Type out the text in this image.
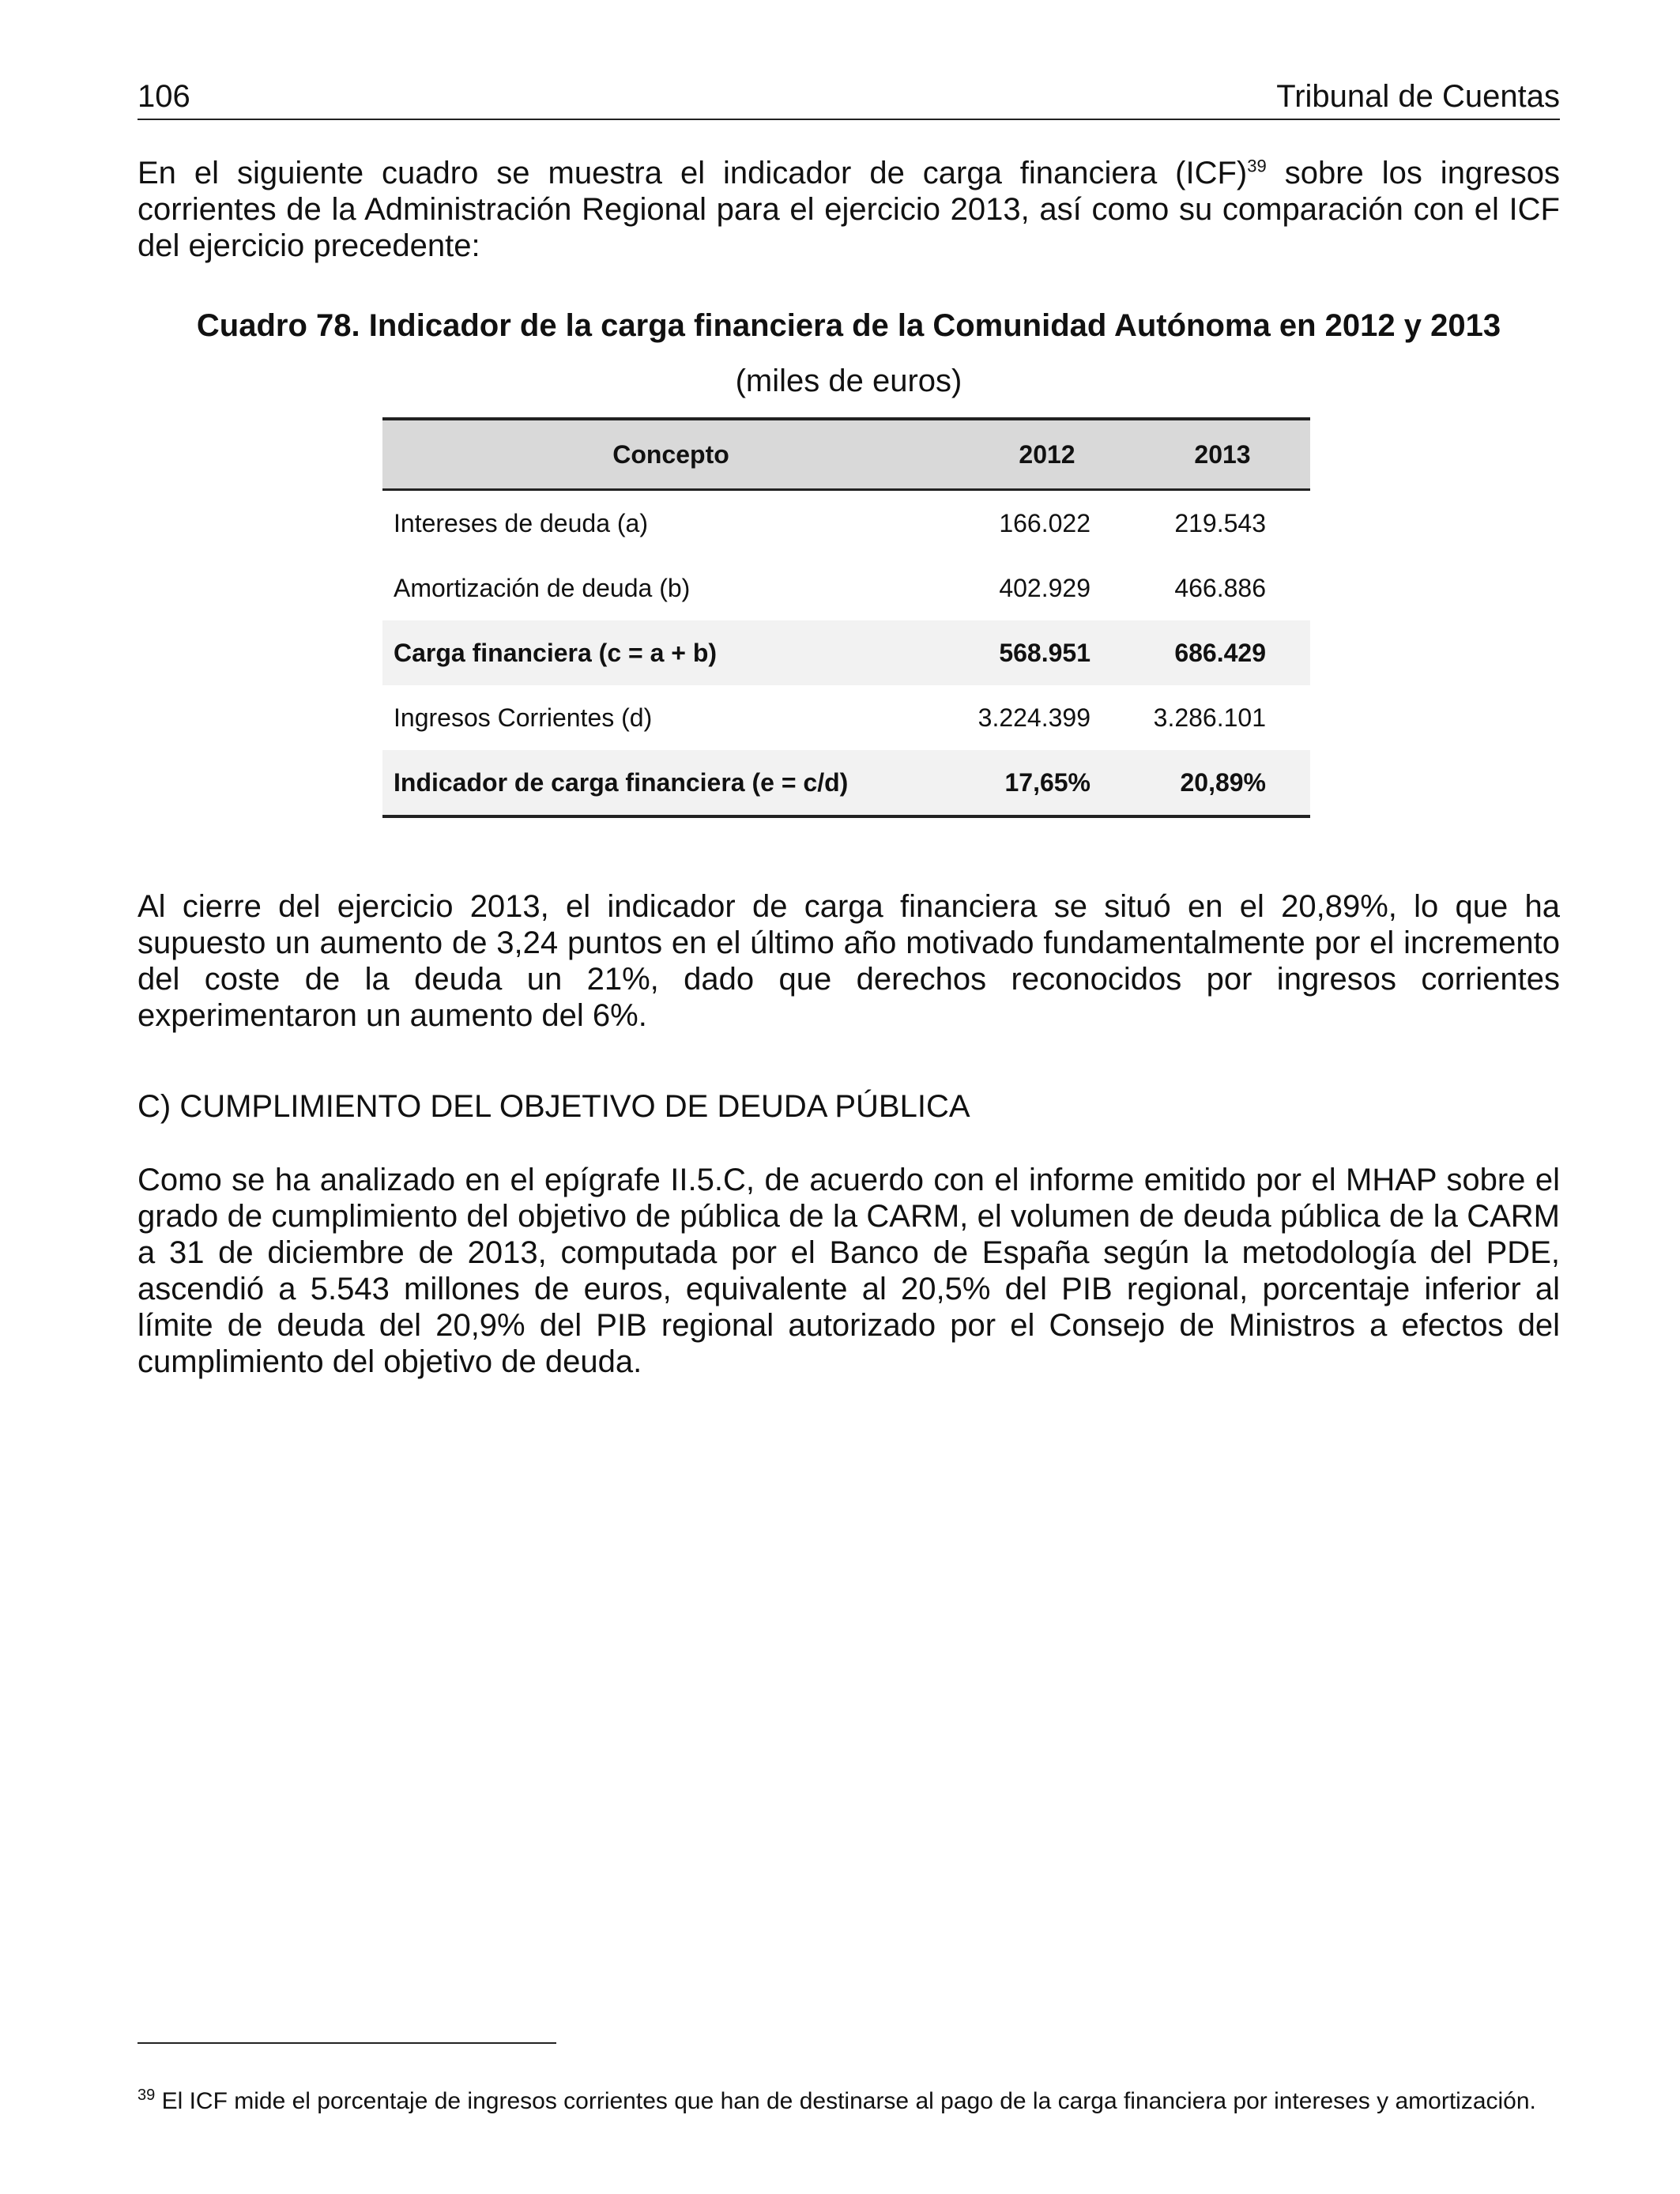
106	Tribunal de Cuentas

En el siguiente cuadro se muestra el indicador de carga financiera (ICF)$^{39}$ sobre los ingresos corrientes de la Administración Regional para el ejercicio 2013, así como su comparación con el ICF del ejercicio precedente:

Cuadro 78. Indicador de la carga financiera de la Comunidad Autónoma en 2012 y 2013
(miles de euros)
Concepto	2012	2013
Intereses de deuda (a)	166.022	219.543
Amortización de deuda (b)	402.929	466.886
Carga financiera (c = a + b)	568.951	686.429
Ingresos Corrientes (d)	3.224.399	3.286.101
Indicador de carga financiera (e = c/d)	17,65%	20,89%

Al cierre del ejercicio 2013, el indicador de carga financiera se situó en el 20,89%, lo que ha supuesto un aumento de 3,24 puntos en el último año motivado fundamentalmente por el incremento del coste de la deuda un 21%, dado que derechos reconocidos por ingresos corrientes experimentaron un aumento del 6%.

C) CUMPLIMIENTO DEL OBJETIVO DE DEUDA PÚBLICA

Como se ha analizado en el epígrafe II.5.C, de acuerdo con el informe emitido por el MHAP sobre el grado de cumplimiento del objetivo de pública de la CARM, el volumen de deuda pública de la CARM a 31 de diciembre de 2013, computada por el Banco de España según la metodología del PDE, ascendió a 5.543 millones de euros, equivalente al 20,5% del PIB regional, porcentaje inferior al límite de deuda del 20,9% del PIB regional autorizado por el Consejo de Ministros a efectos del cumplimiento del objetivo de deuda.

$^{39}$ El ICF mide el porcentaje de ingresos corrientes que han de destinarse al pago de la carga financiera por intereses y amortización.
